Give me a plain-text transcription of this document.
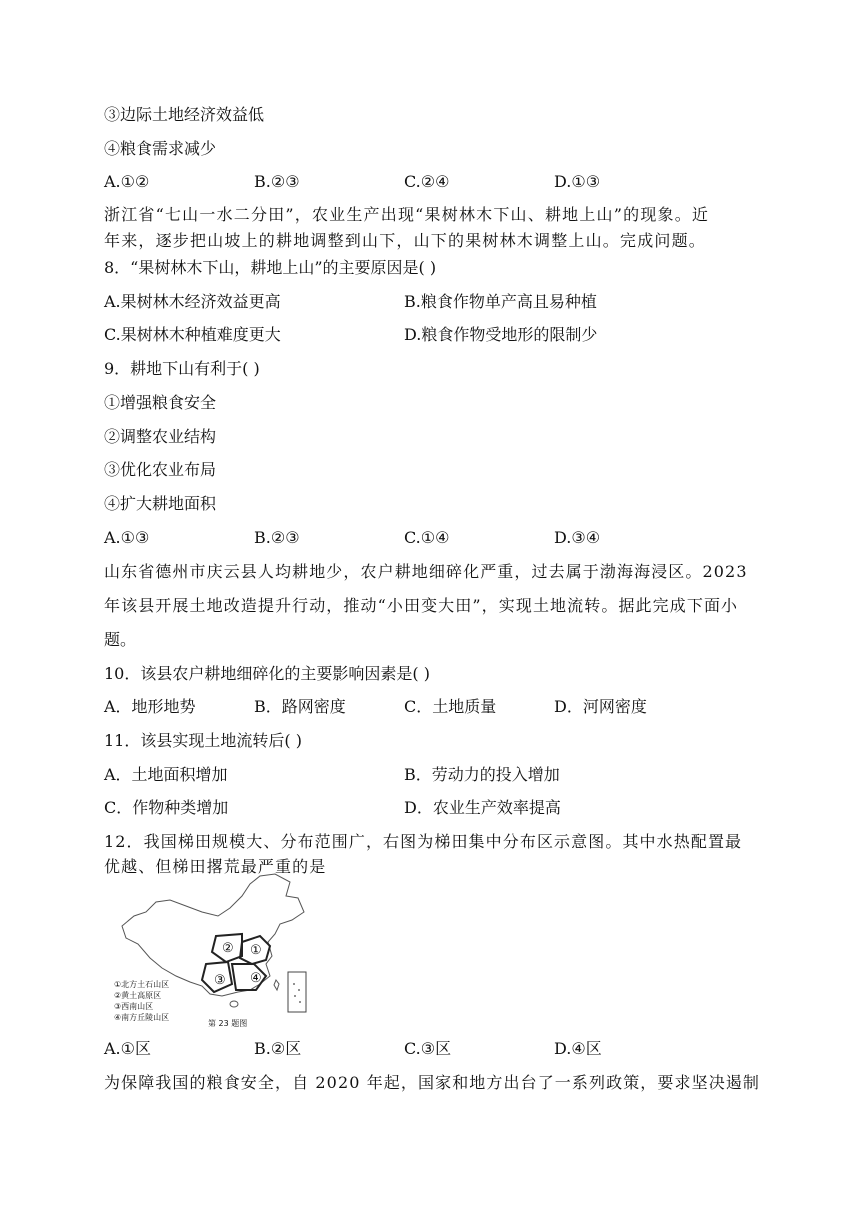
③边际土地经济效益低
④粮食需求减少
A.①②	B.②③	C.②④	D.①③
浙江省“七山一水二分田”，农业生产出现“果树林木下山、耕地上山”的现象。近
年来，逐步把山坡上的耕地调整到山下，山下的果树林木调整上山。完成问题。
8．“果树林木下山，耕地上山”的主要原因是( )
A.果树林木经济效益更高	B.粮食作物单产高且易种植
C.果树林木种植难度更大	D.粮食作物受地形的限制少
9．耕地下山有利于( )
①增强粮食安全
②调整农业结构
③优化农业布局
④扩大耕地面积
A.①③	B.②③	C.①④	D.③④
山东省德州市庆云县人均耕地少，农户耕地细碎化严重，过去属于渤海海浸区。2023
年该县开展土地改造提升行动，推动“小田变大田”，实现土地流转。据此完成下面小
题。
10．该县农户耕地细碎化的主要影响因素是( )
A．地形地势	B．路网密度	C．土地质量	D．河网密度
11．该县实现土地流转后( )
A．土地面积增加	B．劳动力的投入增加
C．作物种类增加	D．农业生产效率提高
12．我国梯田规模大、分布范围广，右图为梯田集中分布区示意图。其中水热配置最
优越、但梯田撂荒最严重的是
② ①
③ ④
①北方土石山区
②黄土高原区
③西南山区
④南方丘陵山区
第 23 题图
A.①区	B.②区	C.③区	D.④区
为保障我国的粮食安全，自 2020 年起，国家和地方出台了一系列政策，要求坚决遏制
